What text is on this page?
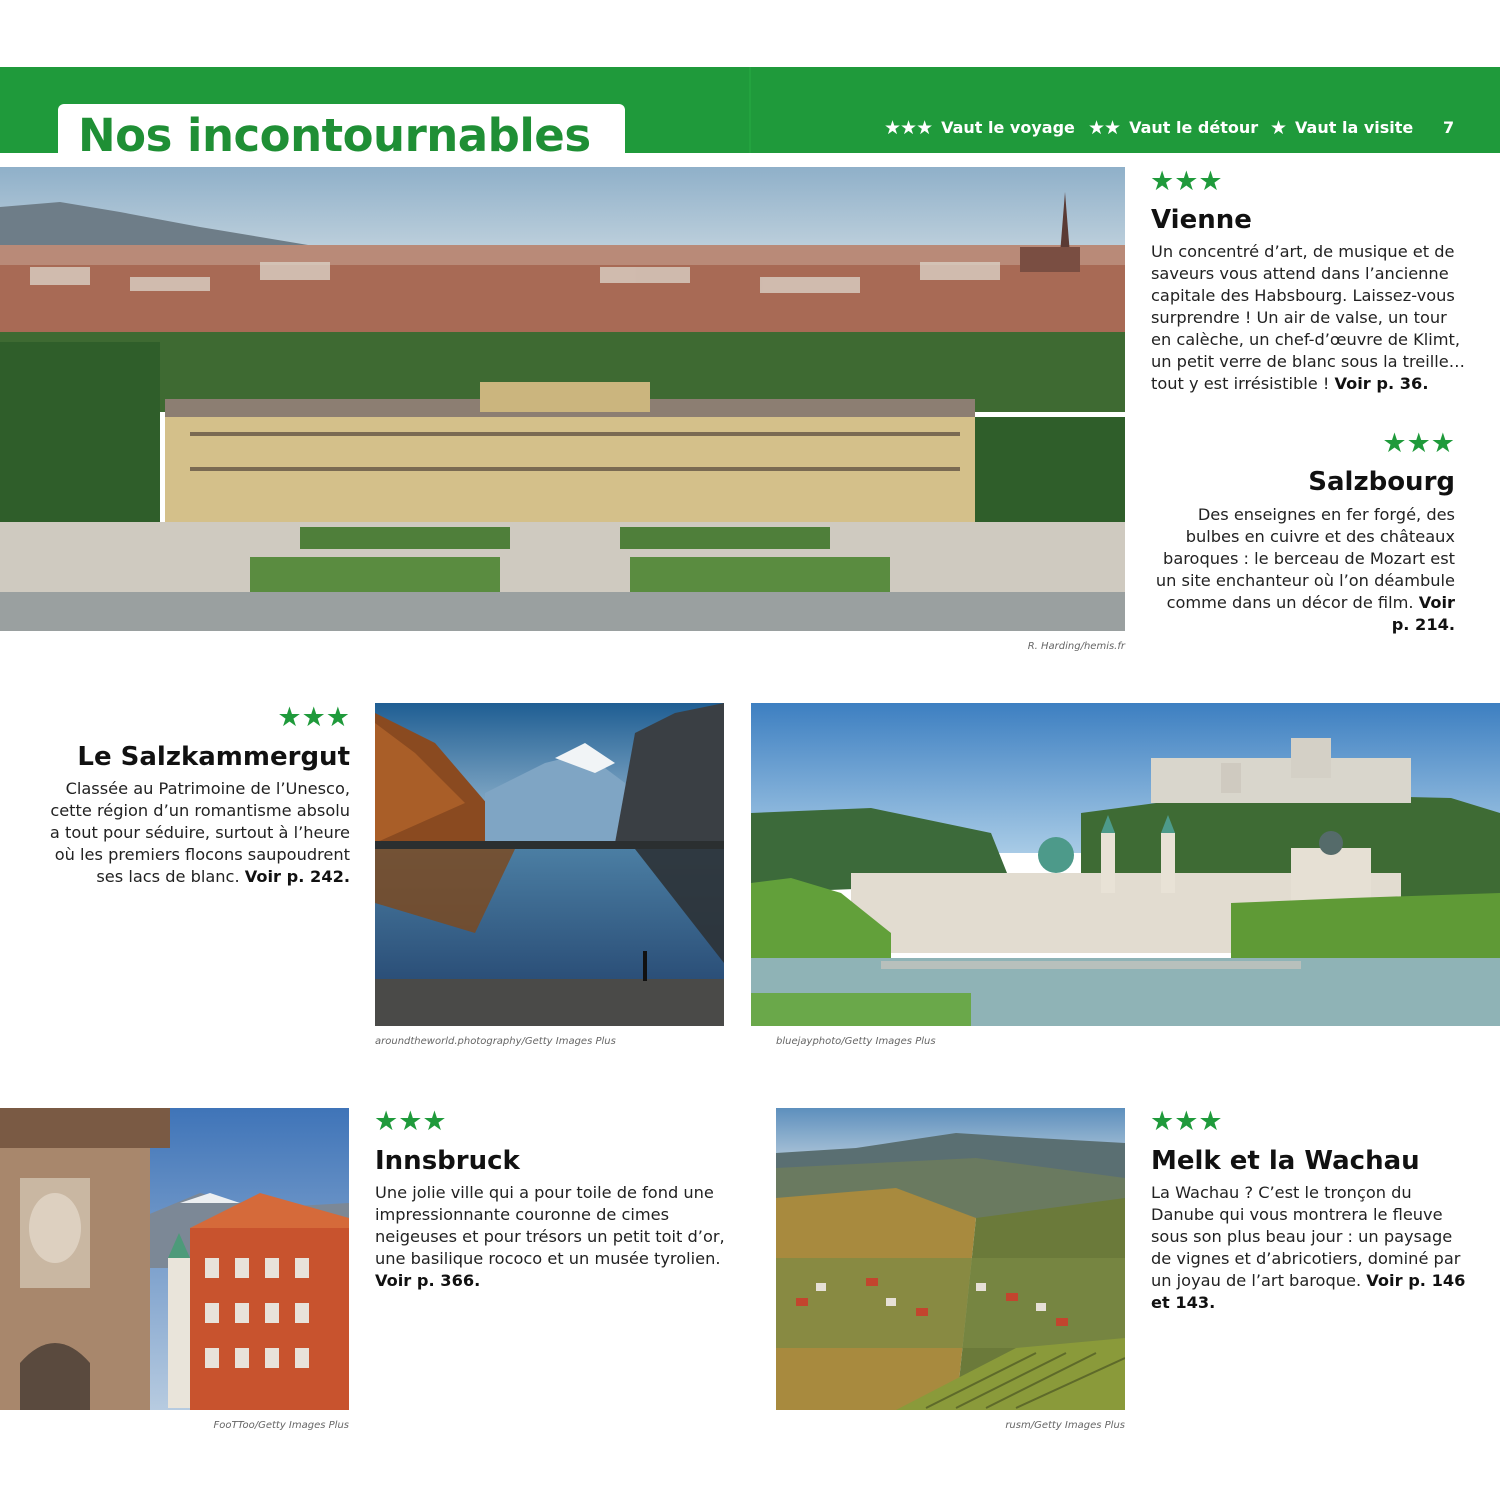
Nos incontournables	★★★ Vaut le voyage ★★ Vaut le détour ★ Vaut la visite 7
R. Harding/hemis.fr
★★★
Vienne
Un concentré d’art, de musique et de saveurs vous attend dans l’ancienne capitale des Habsbourg. Laissez-vous surprendre ! Un air de valse, un tour en calèche, un chef-d’œuvre de Klimt, un petit verre de blanc sous la treille… tout y est irrésistible ! Voir p. 36.
★★★
Salzbourg
Des enseignes en fer forgé, des bulbes en cuivre et des châteaux baroques : le berceau de Mozart est un site enchanteur où l’on déambule comme dans un décor de film. Voir p. 214.
★★★
Le Salzkammergut
Classée au Patrimoine de l’Unesco, cette région d’un romantisme absolu a tout pour séduire, surtout à l’heure où les premiers flocons saupoudrent ses lacs de blanc. Voir p. 242.
aroundtheworld.photography/Getty Images Plus	bluejayphoto/Getty Images Plus
FooTToo/Getty Images Plus
★★★
Innsbruck
Une jolie ville qui a pour toile de fond une impressionnante couronne de cimes neigeuses et pour trésors un petit toit d’or, une basilique rococo et un musée tyrolien. Voir p. 366.
rusm/Getty Images Plus
★★★
Melk et la Wachau
La Wachau ? C’est le tronçon du Danube qui vous montrera le fleuve sous son plus beau jour : un paysage de vignes et d’abricotiers, dominé par un joyau de l’art baroque. Voir p. 146 et 143.
